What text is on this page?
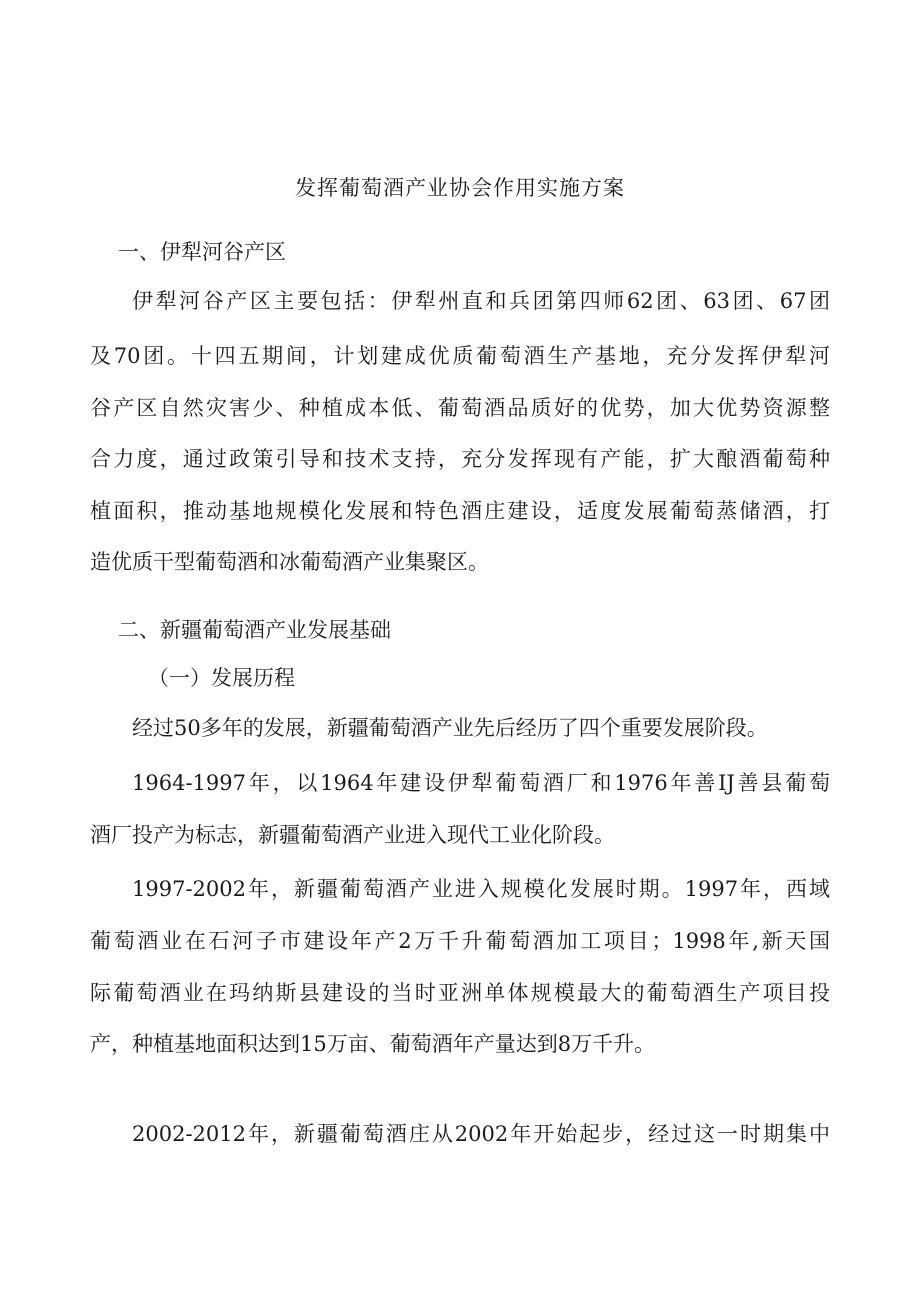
发挥葡萄酒产业协会作用实施方案
一、伊犁河谷产区
伊犁河谷产区主要包括：伊犁州直和兵团第四师62团、63团、67团
及70团。十四五期间，计划建成优质葡萄酒生产基地，充分发挥伊犁河
谷产区自然灾害少、种植成本低、葡萄酒品质好的优势，加大优势资源整
合力度，通过政策引导和技术支持，充分发挥现有产能，扩大酿酒葡萄种
植面积，推动基地规模化发展和特色酒庄建设，适度发展葡萄蒸储酒，打
造优质干型葡萄酒和冰葡萄酒产业集聚区。
二、新疆葡萄酒产业发展基础
（一）发展历程
经过50多年的发展，新疆葡萄酒产业先后经历了四个重要发展阶段。
1964-1997年，以1964年建设伊犁葡萄酒厂和1976年善IJ善县葡萄
酒厂投产为标志，新疆葡萄酒产业进入现代工业化阶段。
1997-2002年，新疆葡萄酒产业进入规模化发展时期。1997年，西域
葡萄酒业在石河子市建设年产2万千升葡萄酒加工项目；1998年,新天国
际葡萄酒业在玛纳斯县建设的当时亚洲单体规模最大的葡萄酒生产项目投
产，种植基地面积达到15万亩、葡萄酒年产量达到8万千升。
2002-2012年，新疆葡萄酒庄从2002年开始起步，经过这一时期集中
